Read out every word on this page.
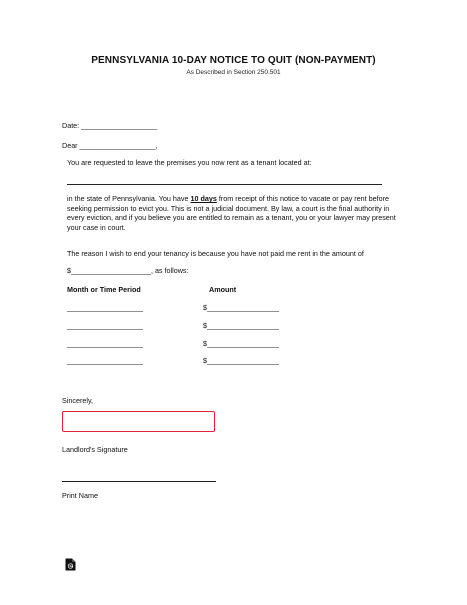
PENNSYLVANIA 10-DAY NOTICE TO QUIT (NON-PAYMENT)
As Described in Section 250.501
Date: ___________________
Dear ___________________,
You are requested to leave the premises you now rent as a tenant located at:
in the state of Pennsylvania. You have 10 days from receipt of this notice to vacate or pay rent before seeking permission to evict you. This is not a judicial document. By law, a court is the final authority in every eviction, and if you believe you are entitled to remain as a tenant, you or your lawyer may present your case in court.
The reason I wish to end your tenancy is because you have not paid me rent in the amount of
$____________________, as follows:
Month or Time Period	Amount
___________________	$__________________
___________________	$__________________
___________________	$__________________
___________________	$__________________
Sincerely,
Landlord's Signature
Print Name
